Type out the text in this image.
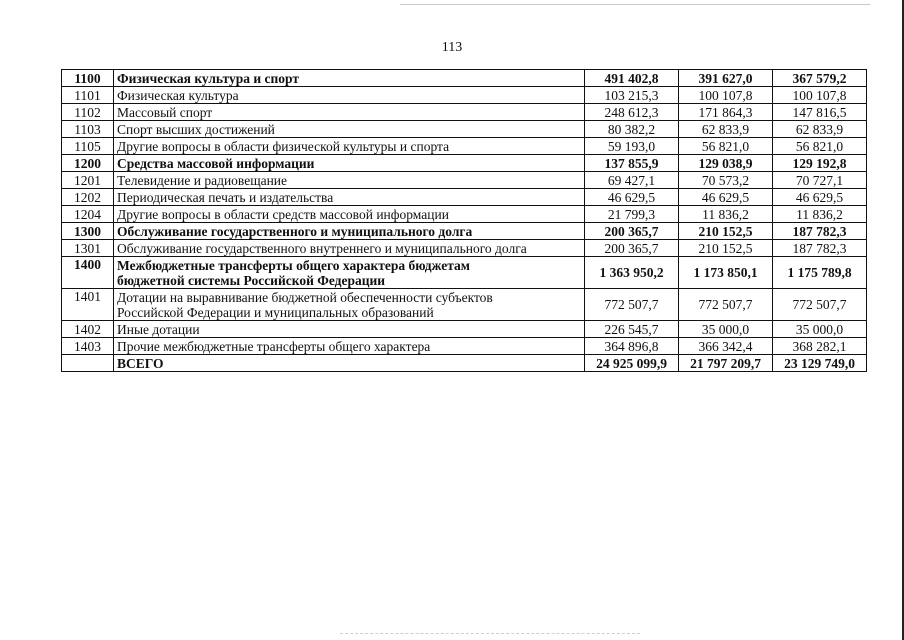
113
1100	Физическая культура и спорт	491 402,8	391 627,0	367 579,2
1101	Физическая культура	103 215,3	100 107,8	100 107,8
1102	Массовый спорт	248 612,3	171 864,3	147 816,5
1103	Спорт высших достижений	80 382,2	62 833,9	62 833,9
1105	Другие вопросы в области физической культуры и спорта	59 193,0	56 821,0	56 821,0
1200	Средства массовой информации	137 855,9	129 038,9	129 192,8
1201	Телевидение и радиовещание	69 427,1	70 573,2	70 727,1
1202	Периодическая печать и издательства	46 629,5	46 629,5	46 629,5
1204	Другие вопросы в области средств массовой информации	21 799,3	11 836,2	11 836,2
1300	Обслуживание государственного и муниципального долга	200 365,7	210 152,5	187 782,3
1301	Обслуживание государственного внутреннего и муниципального долга	200 365,7	210 152,5	187 782,3
1400	Межбюджетные трансферты общего характера бюджетам
бюджетной системы Российской Федерации	1 363 950,2	1 173 850,1	1 175 789,8
1401	Дотации на выравнивание бюджетной обеспеченности субъектов
Российской Федерации и муниципальных образований	772 507,7	772 507,7	772 507,7
1402	Иные дотации	226 545,7	35 000,0	35 000,0
1403	Прочие межбюджетные трансферты общего характера	364 896,8	366 342,4	368 282,1
	ВСЕГО	24 925 099,9	21 797 209,7	23 129 749,0
